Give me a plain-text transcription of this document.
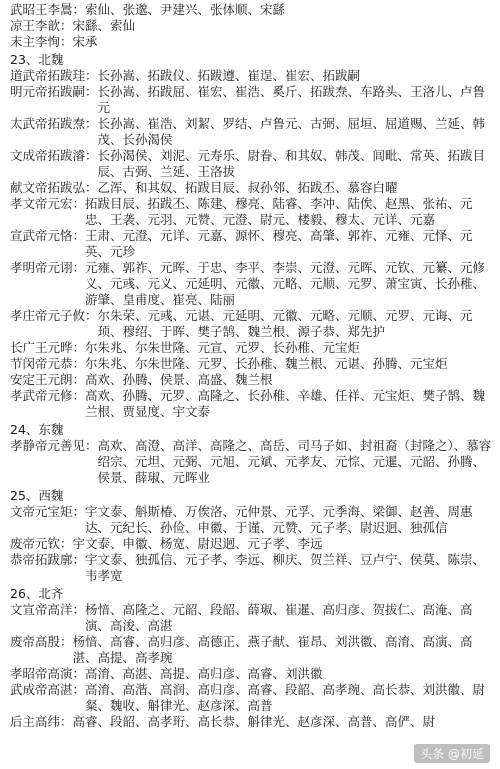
武昭王李暠 ： 索仙、张邈、尹建兴、张体顺、宋繇
凉王李歆 ： 宋繇、索仙
末主李恂 ： 宋承
23、北魏
道武帝拓跋珪 ： 长孙嵩、拓跋仪、拓跋遵、崔逞、崔宏、拓跋嗣
明元帝拓跋嗣 ： 长孙嵩、拓跋屈、崔宏、崔浩、奚斤、拓跋焘、车路头、王洛儿、卢鲁元
太武帝拓跋焘 ： 长孙嵩、崔浩、刘絜、罗结、卢鲁元、古弼、屈垣、屈道赐、兰延、韩茂、长孙渴侯
文成帝拓跋濬 ： 长孙渴侯、刘泥、元寿乐、尉眷、和其奴、韩茂、闾毗、常英、拓跋目辰、古弼、兰延、王洛拔
献文帝拓跋弘 ： 乙浑、和其奴、拓跋目辰、叔孙邻、拓跋丕、慕容白曜
孝文帝元宏 ： 拓跋目辰、拓跋丕、陈建、穆亮、陆睿、李冲、陆俟、赵黑、张祐、元忠、王袭、元羽、元赞、元澄、尉元、楼毅、穆太、元详、元嘉
宣武帝元恪 ： 王肃、元澄、元详、元嘉、源怀、穆亮、高肇、郭祚、元雍、元怿、元英、元珍
孝明帝元诩 ： 元雍、郭祚、元晖、于忠、李平、李崇、元澄、元晖、元钦、元纂、元修义、元彧、元义、元延明、元徽、元略、元顺、元罗、萧宝寅、长孙稚、游肇、皇甫度、崔亮、陆丽
孝庄帝元子攸 ： 尔朱荣、元彧、元谌、元延明、元徽、元略、元顺、元罗、元诲、元顼、穆绍、于晖、樊子鹄、魏兰根、源子恭、郑先护
长广王元晔 ： 尔朱兆、尔朱世隆、元宣、元罗、长孙稚、元宝炬
节闵帝元恭 ： 尔朱兆、尔朱世隆、元罗、长孙稚、魏兰根、元谌、孙腾、元宝炬
安定王元朗 ： 高欢、孙腾、侯景、高盛、魏兰根
孝武帝元修 ： 高欢、孙腾、元罗、高隆之、长孙稚、辛雄、任祥、元宝炬、樊子鹄、魏兰根、贾显度、宇文泰
24、东魏
孝静帝元善见 ： 高欢、高澄、高洋、高隆之、高岳、司马子如、封祖裔（封隆之）、慕容绍宗、元坦、元弼、元旭、元斌、元孝友、元悰、元暹、元韶、孙腾、侯景、薛琡、元晖业
25、西魏
文帝元宝矩 ： 宇文泰、斛斯椿、万俟洛、元仲景、元孚、元季海、梁御、赵善、周惠达、元纪长、孙俭、申徽、于谨、元赞、元子孝、尉迟迥、独孤信
废帝元钦 ： 宇文泰、申徽、杨宽、尉迟迥、元子孝、李远
恭帝拓跋廓 ： 宇文泰、独孤信、元子孝、李远、柳庆、贺兰祥、豆卢宁、侯莫、陈崇、韦孝宽
26、北齐
文宣帝高洋 ： 杨愔、高隆之、元韶、段韶、薛琡、崔暹、高归彦、贺拔仁、高淹、高演、高浚、高湛
废帝高殷 ： 杨愔、高睿、高归彦、高德正、燕子献、崔昂、刘洪徽、高淯、高演、高湛、高提、高孝琬
孝昭帝高演 ： 高淯、高湛、高提、高归彦、高睿、刘洪徽
武成帝高湛 ： 高淯、高湝、高润、高归彦、高睿、段韶、高孝琬、高长恭、刘洪徽、尉粲、魏收、斛律光、赵彦深、高普
后主高纬 ： 高睿、段韶、高孝珩、高长恭、斛律光、赵彦深、高普、高俨、尉
头条 @初延
